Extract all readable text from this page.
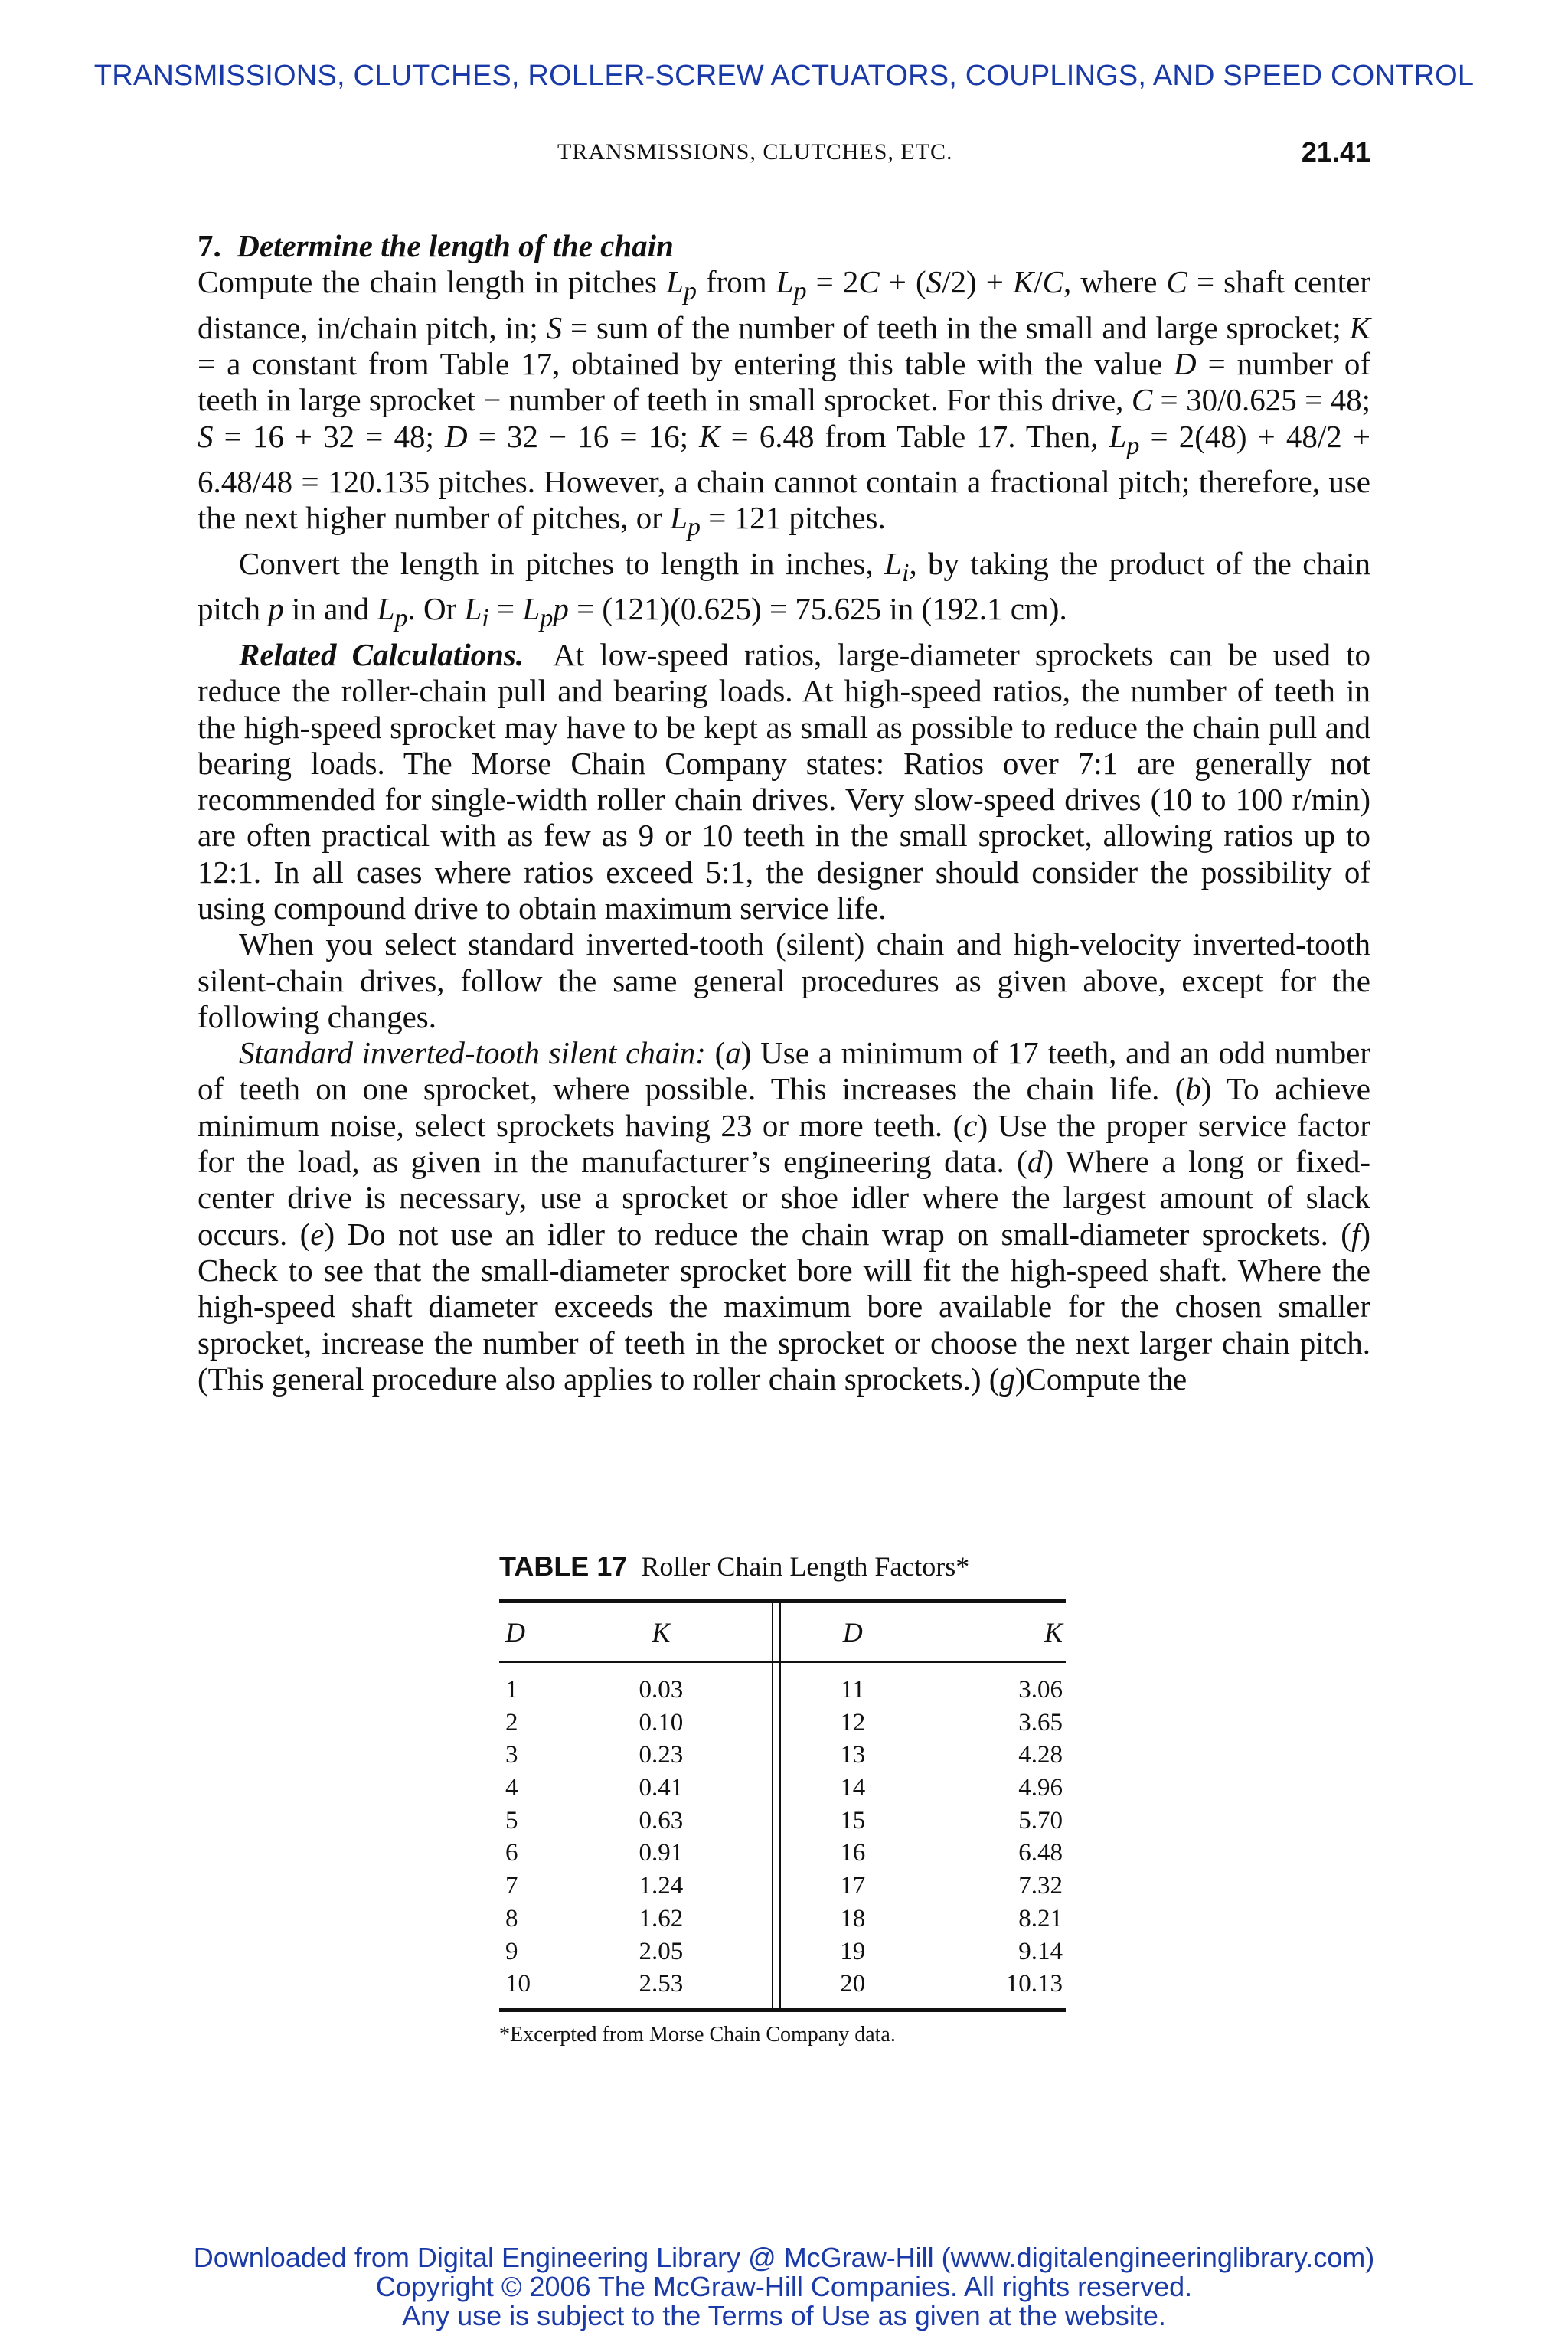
TRANSMISSIONS, CLUTCHES, ROLLER-SCREW ACTUATORS, COUPLINGS, AND SPEED CONTROL
TRANSMISSIONS, CLUTCHES, ETC.	21.41

7. Determine the length of the chain

Compute the chain length in pitches $L_p$ from $L_p = 2C + (S/2) + K/C$, where C = shaft center distance, in/chain pitch, in; S = sum of the number of teeth in the small and large sprocket; K = a constant from Table 17, obtained by entering this table with the value D = number of teeth in large sprocket − number of teeth in small sprocket. For this drive, C = 30/0.625 = 48; S = 16 + 32 = 48; D = 32 − 16 = 16; K = 6.48 from Table 17. Then, $L_p = 2(48) + 48/2 + 6.48/48 = 120.135$ pitches. However, a chain cannot contain a fractional pitch; therefore, use the next higher number of pitches, or $L_p = 121$ pitches.

Convert the length in pitches to length in inches, $L_i$, by taking the product of the chain pitch p in and $L_p$. Or $L_i = L_pp = (121)(0.625) = 75.625$ in (192.1 cm).

Related Calculations.  At low-speed ratios, large-diameter sprockets can be used to reduce the roller-chain pull and bearing loads. At high-speed ratios, the number of teeth in the high-speed sprocket may have to be kept as small as possible to reduce the chain pull and bearing loads. The Morse Chain Company states: Ratios over 7:1 are generally not recommended for single-width roller chain drives. Very slow-speed drives (10 to 100 r/min) are often practical with as few as 9 or 10 teeth in the small sprocket, allowing ratios up to 12:1. In all cases where ratios exceed 5:1, the designer should consider the possibility of using compound drive to obtain maximum service life.

When you select standard inverted-tooth (silent) chain and high-velocity inverted-tooth silent-chain drives, follow the same general procedures as given above, except for the following changes.

Standard inverted-tooth silent chain: (a) Use a minimum of 17 teeth, and an odd number of teeth on one sprocket, where possible. This increases the chain life. (b) To achieve minimum noise, select sprockets having 23 or more teeth. (c) Use the proper service factor for the load, as given in the manufacturer’s engineering data. (d) Where a long or fixed-center drive is necessary, use a sprocket or shoe idler where the largest amount of slack occurs. (e) Do not use an idler to reduce the chain wrap on small-diameter sprockets. (f) Check to see that the small-diameter sprocket bore will fit the high-speed shaft. Where the high-speed shaft diameter exceeds the maximum bore available for the chosen smaller sprocket, increase the number of teeth in the sprocket or choose the next larger chain pitch. (This general procedure also applies to roller chain sprockets.) (g)Compute the

TABLE 17 Roller Chain Length Factors*
D	K	D	K
1	0.03	11	3.06
2	0.10	12	3.65
3	0.23	13	4.28
4	0.41	14	4.96
5	0.63	15	5.70
6	0.91	16	6.48
7	1.24	17	7.32
8	1.62	18	8.21
9	2.05	19	9.14
10	2.53	20	10.13
*Excerpted from Morse Chain Company data.
Downloaded from Digital Engineering Library @ McGraw-Hill (www.digitalengineeringlibrary.com)
Copyright © 2006 The McGraw-Hill Companies. All rights reserved.
Any use is subject to the Terms of Use as given at the website.
